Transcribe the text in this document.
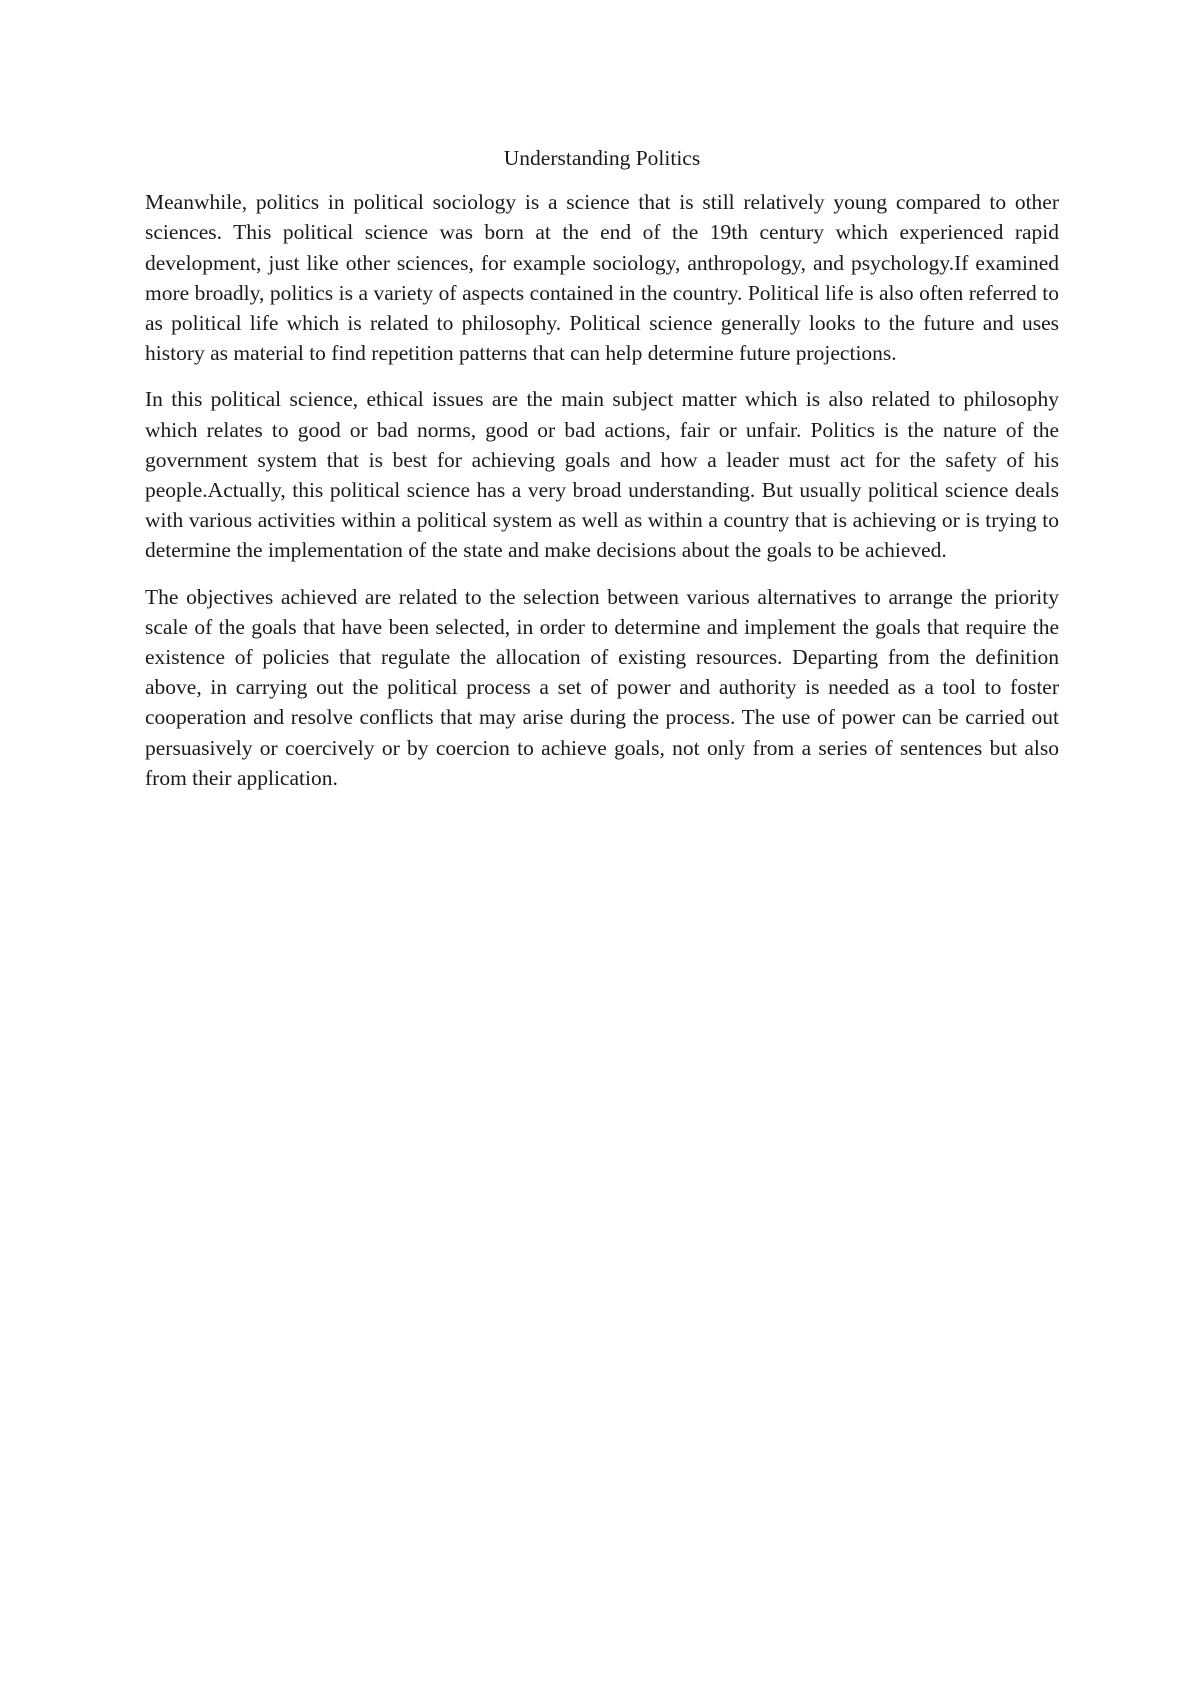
Understanding Politics

Meanwhile, politics in political sociology is a science that is still relatively young compared to other sciences. This political science was born at the end of the 19th century which experienced rapid development, just like other sciences, for example sociology, anthropology, and psychology.If examined more broadly, politics is a variety of aspects contained in the country. Political life is also often referred to as political life which is related to philosophy. Political science generally looks to the future and uses history as material to find repetition patterns that can help determine future projections.

In this political science, ethical issues are the main subject matter which is also related to philosophy which relates to good or bad norms, good or bad actions, fair or unfair. Politics is the nature of the government system that is best for achieving goals and how a leader must act for the safety of his people.Actually, this political science has a very broad understanding. But usually political science deals with various activities within a political system as well as within a country that is achieving or is trying to determine the implementation of the state and make decisions about the goals to be achieved.

The objectives achieved are related to the selection between various alternatives to arrange the priority scale of the goals that have been selected, in order to determine and implement the goals that require the existence of policies that regulate the allocation of existing resources. Departing from the definition above, in carrying out the political process a set of power and authority is needed as a tool to foster cooperation and resolve conflicts that may arise during the process. The use of power can be carried out persuasively or coercively or by coercion to achieve goals, not only from a series of sentences but also from their application.
